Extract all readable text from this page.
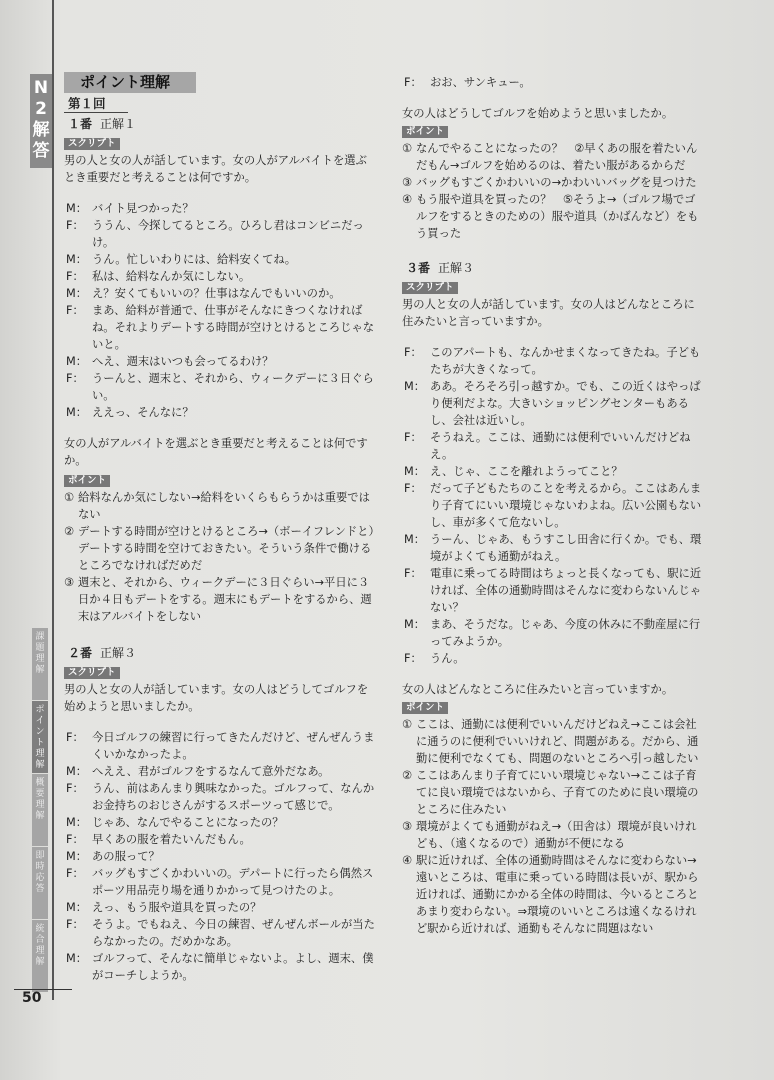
N
2
解
答
課
題
理
解
ポ
イ
ン
ト
理
解
概
要
理
解
即
時
応
答
統
合
理
解
50
ポイント理解
第１回
１番 正解１
スクリプト

男の人と女の人が話しています。女の人がアルバイトを選ぶとき重要だと考えることは何ですか。

M： バイト見つかった？
F： ううん、今探してるところ。ひろし君はコンビニだっけ。
M： うん。忙しいわりには、給料安くてね。
F： 私は、給料なんか気にしない。
M： え？安くてもいいの？仕事はなんでもいいのか。
F： まあ、給料が普通で、仕事がそんなにきつくなければね。それよりデートする時間が空けとけるところじゃないと。
M： へえ、週末はいつも会ってるわけ？
F： うーんと、週末と、それから、ウィークデーに３日ぐらい。
M： ええっ、そんなに？

女の人がアルバイトを選ぶとき重要だと考えることは何ですか。

ポイント
① 給料なんか気にしない→給料をいくらもらうかは重要ではない
② デートする時間が空けとけるところ→（ボーイフレンドと）デートする時間を空けておきたい。そういう条件で働けるところでなければだめだ
③ 週末と、それから、ウィークデーに３日ぐらい→平日に３日か４日もデートをする。週末にもデートをするから、週末はアルバイトをしない
２番 正解３
スクリプト

男の人と女の人が話しています。女の人はどうしてゴルフを始めようと思いましたか。

F： 今日ゴルフの練習に行ってきたんだけど、ぜんぜんうまくいかなかったよ。
M： へええ、君がゴルフをするなんて意外だなあ。
F： うん、前はあんまり興味なかった。ゴルフって、なんかお金持ちのおじさんがするスポーツって感じで。
M： じゃあ、なんでやることになったの？
F： 早くあの服を着たいんだもん。
M： あの服って？
F： バッグもすごくかわいいの。デパートに行ったら偶然スポーツ用品売り場を通りかかって見つけたのよ。
M： えっ、もう服や道具を買ったの？
F： そうよ。でもねえ、今日の練習、ぜんぜんボールが当たらなかったの。だめかなあ。
M： ゴルフって、そんなに簡単じゃないよ。よし、週末、僕がコーチしようか。
F： おお、サンキュー。

女の人はどうしてゴルフを始めようと思いましたか。

ポイント
① なんでやることになったの？　②早くあの服を着たいんだもん→ゴルフを始めるのは、着たい服があるからだ
③ バッグもすごくかわいいの→かわいいバッグを見つけた
④ もう服や道具を買ったの？　⑤そうよ→（ゴルフ場でゴルフをするときのための）服や道具（かばんなど）をもう買った
３番 正解３
スクリプト

男の人と女の人が話しています。女の人はどんなところに住みたいと言っていますか。

F： このアパートも、なんかせまくなってきたね。子どもたちが大きくなって。
M： ああ。そろそろ引っ越すか。でも、この近くはやっぱり便利だよな。大きいショッピングセンターもあるし、会社は近いし。
F： そうねえ。ここは、通勤には便利でいいんだけどねえ。
M： え、じゃ、ここを離れようってこと？
F： だって子どもたちのことを考えるから。ここはあんまり子育てにいい環境じゃないわよね。広い公園もないし、車が多くて危ないし。
M： うーん、じゃあ、もうすこし田舎に行くか。でも、環境がよくても通勤がねえ。
F： 電車に乗ってる時間はちょっと長くなっても、駅に近ければ、全体の通勤時間はそんなに変わらないんじゃない？
M： まあ、そうだな。じゃあ、今度の休みに不動産屋に行ってみようか。
F： うん。

女の人はどんなところに住みたいと言っていますか。

ポイント
① ここは、通勤には便利でいいんだけどねえ→ここは会社に通うのに便利でいいけれど、問題がある。だから、通勤に便利でなくても、問題のないところへ引っ越したい
② ここはあんまり子育てにいい環境じゃない→ここは子育てに良い環境ではないから、子育てのために良い環境のところに住みたい
③ 環境がよくても通勤がねえ→（田舎は）環境が良いけれども、（遠くなるので）通勤が不便になる
④ 駅に近ければ、全体の通勤時間はそんなに変わらない→遠いところは、電車に乗っている時間は長いが、駅から近ければ、通勤にかかる全体の時間は、今いるところとあまり変わらない。⇒環境のいいところは遠くなるけれど駅から近ければ、通勤もそんなに問題はない
